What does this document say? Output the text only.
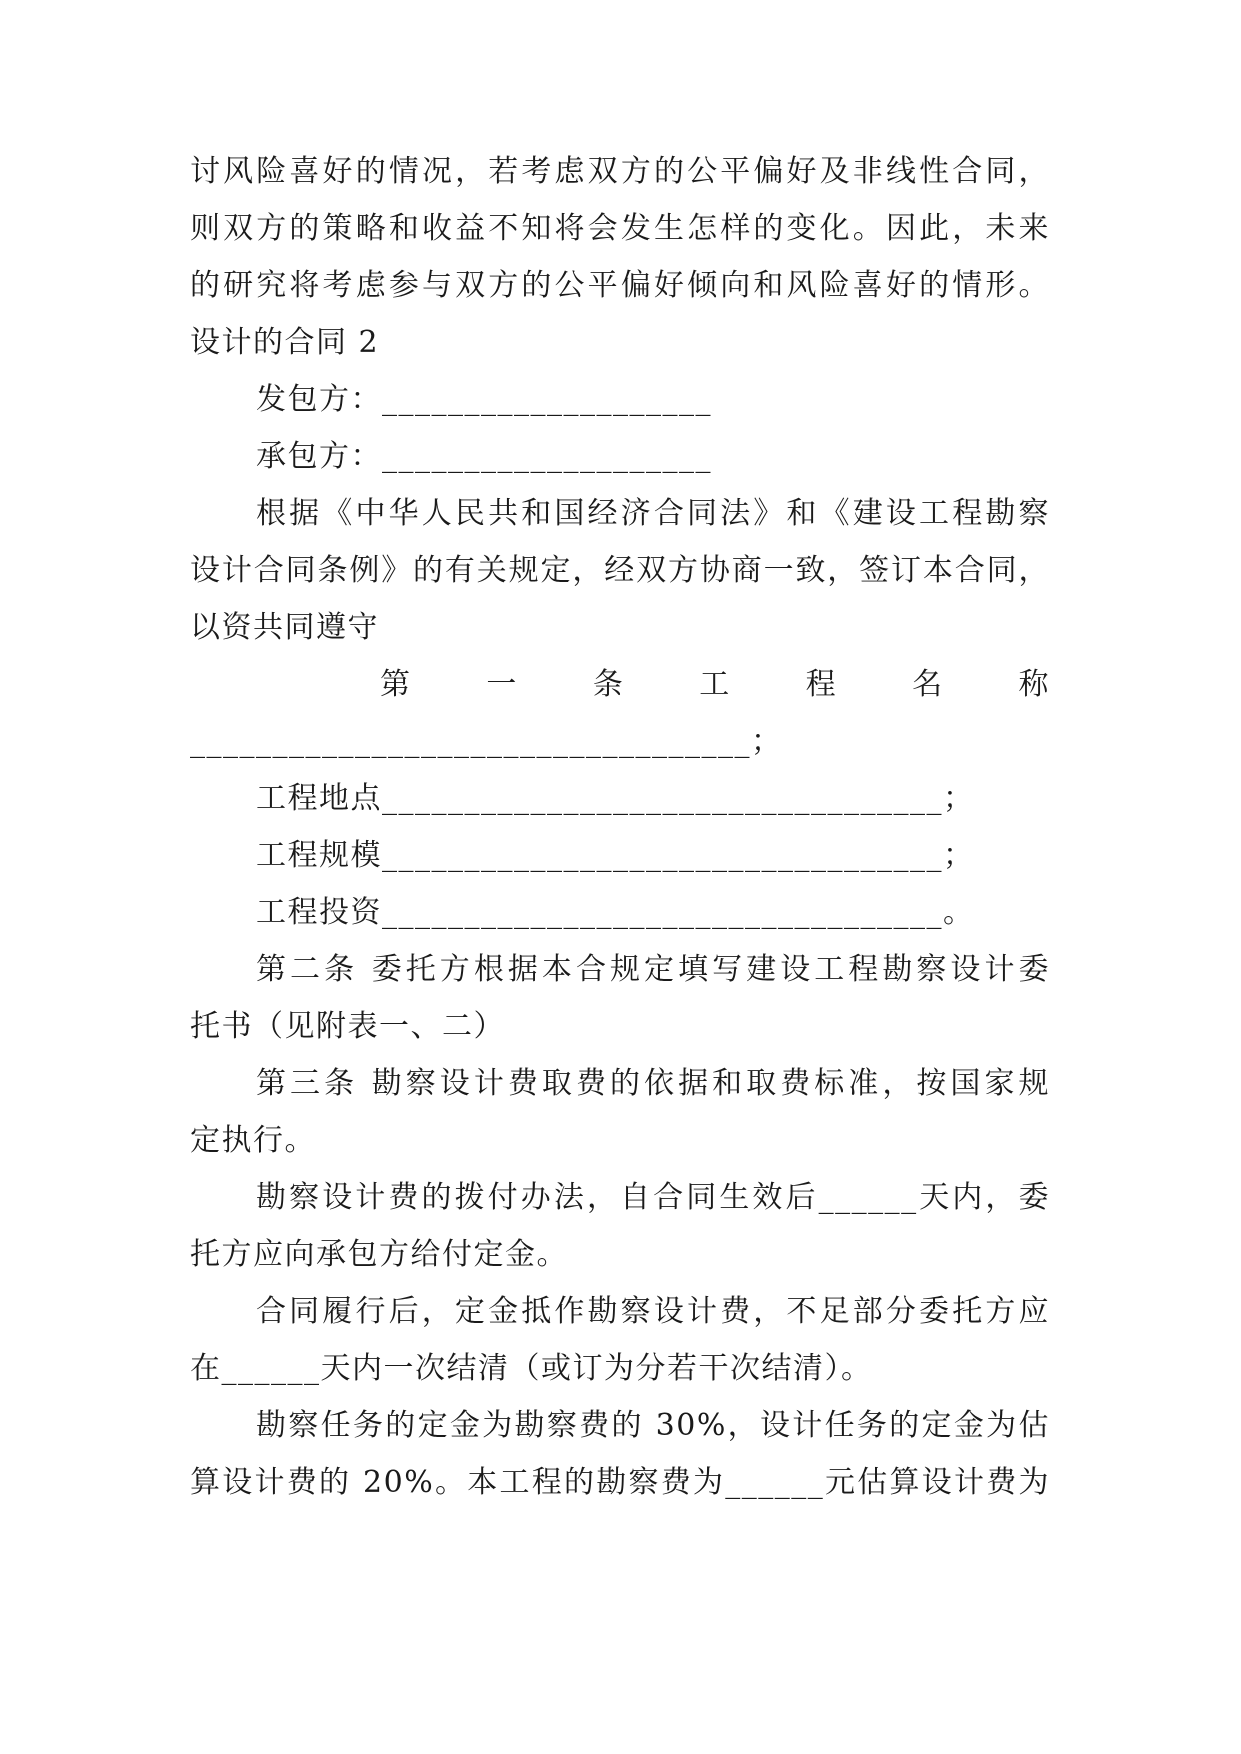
讨风险喜好的情况，若考虑双方的公平偏好及非线性合同，
则双方的策略和收益不知将会发生怎样的变化。因此，未来
的研究将考虑参与双方的公平偏好倾向和风险喜好的情形。
设计的合同 2
发包方：____________________
承包方：____________________
根据《中华人民共和国经济合同法》和《建设工程勘察
设计合同条例》的有关规定，经双方协商一致，签订本合同，
以资共同遵守
第 一 条 工 程 名 称
__________________________________；
工程地点__________________________________；
工程规模__________________________________；
工程投资__________________________________。
第二条 委托方根据本合规定填写建设工程勘察设计委
托书（见附表一、二）
第三条 勘察设计费取费的依据和取费标准，按国家规
定执行。
勘察设计费的拨付办法，自合同生效后______天内，委
托方应向承包方给付定金。
合同履行后，定金抵作勘察设计费，不足部分委托方应
在______天内一次结清（或订为分若干次结清）。
勘察任务的定金为勘察费的 30%，设计任务的定金为估
算设计费的 20%。本工程的勘察费为______元估算设计费为
